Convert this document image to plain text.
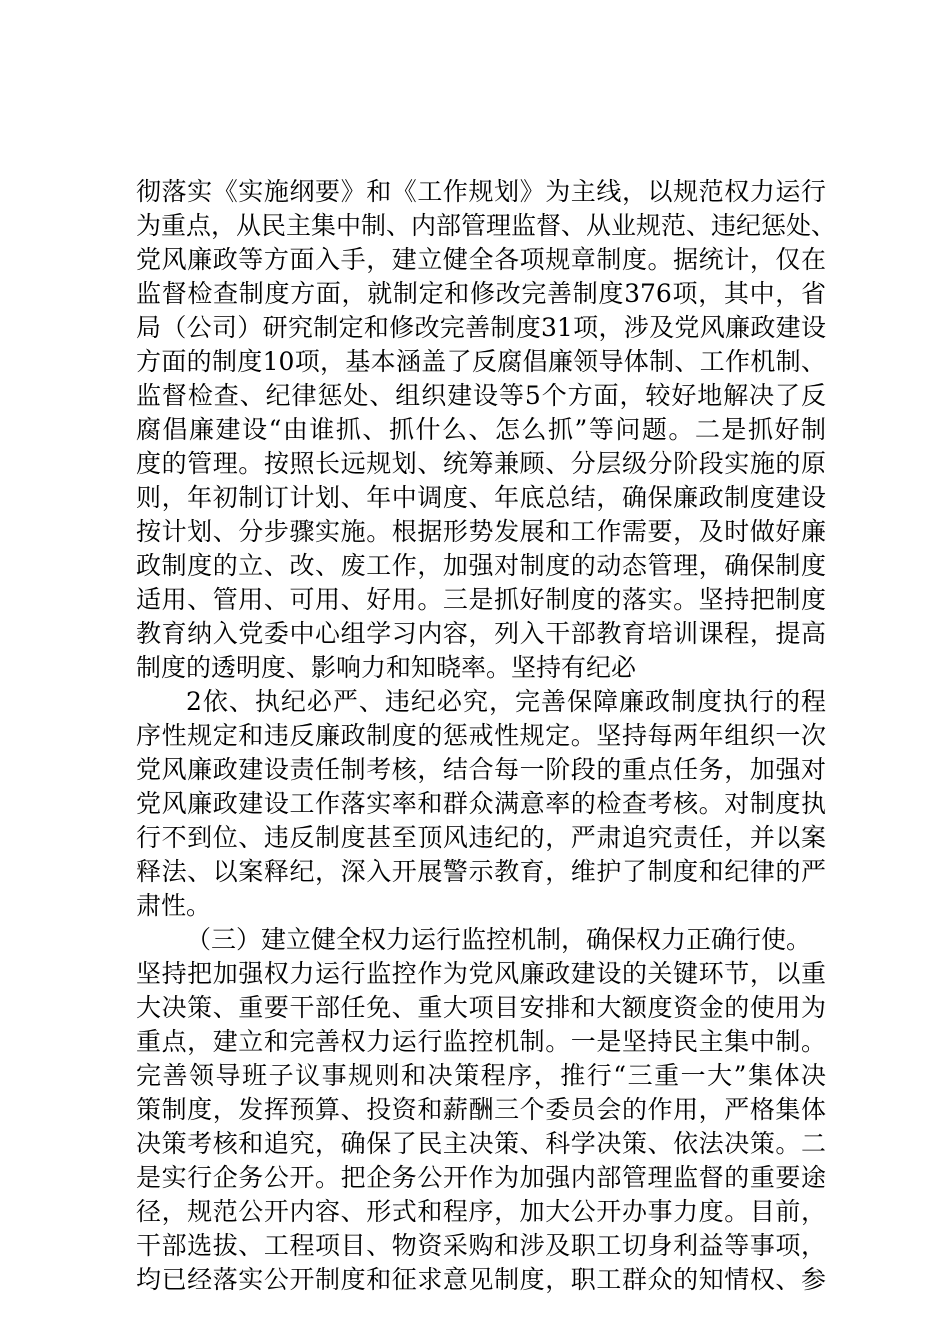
彻落实《实施纲要》和《工作规划》为主线，以规范权力运行
为重点，从民主集中制、内部管理监督、从业规范、违纪惩处、
党风廉政等方面入手，建立健全各项规章制度。据统计，仅在
监督检查制度方面，就制定和修改完善制度376项，其中，省
局（公司）研究制定和修改完善制度31项，涉及党风廉政建设
方面的制度10项，基本涵盖了反腐倡廉领导体制、工作机制、
监督检查、纪律惩处、组织建设等5个方面，较好地解决了反
腐倡廉建设“由谁抓、抓什么、怎么抓”等问题。二是抓好制
度的管理。按照长远规划、统筹兼顾、分层级分阶段实施的原
则，年初制订计划、年中调度、年底总结，确保廉政制度建设
按计划、分步骤实施。根据形势发展和工作需要，及时做好廉
政制度的立、改、废工作，加强对制度的动态管理，确保制度
适用、管用、可用、好用。三是抓好制度的落实。坚持把制度
教育纳入党委中心组学习内容，列入干部教育培训课程，提高
制度的透明度、影响力和知晓率。坚持有纪必
2依、执纪必严、违纪必究，完善保障廉政制度执行的程
序性规定和违反廉政制度的惩戒性规定。坚持每两年组织一次
党风廉政建设责任制考核，结合每一阶段的重点任务，加强对
党风廉政建设工作落实率和群众满意率的检查考核。对制度执
行不到位、违反制度甚至顶风违纪的，严肃追究责任，并以案
释法、以案释纪，深入开展警示教育，维护了制度和纪律的严
肃性。
（三）建立健全权力运行监控机制，确保权力正确行使。
坚持把加强权力运行监控作为党风廉政建设的关键环节，以重
大决策、重要干部任免、重大项目安排和大额度资金的使用为
重点，建立和完善权力运行监控机制。一是坚持民主集中制。
完善领导班子议事规则和决策程序，推行“三重一大”集体决
策制度，发挥预算、投资和薪酬三个委员会的作用，严格集体
决策考核和追究，确保了民主决策、科学决策、依法决策。二
是实行企务公开。把企务公开作为加强内部管理监督的重要途
径，规范公开内容、形式和程序，加大公开办事力度。目前，
干部选拔、工程项目、物资采购和涉及职工切身利益等事项，
均已经落实公开制度和征求意见制度，职工群众的知情权、参
